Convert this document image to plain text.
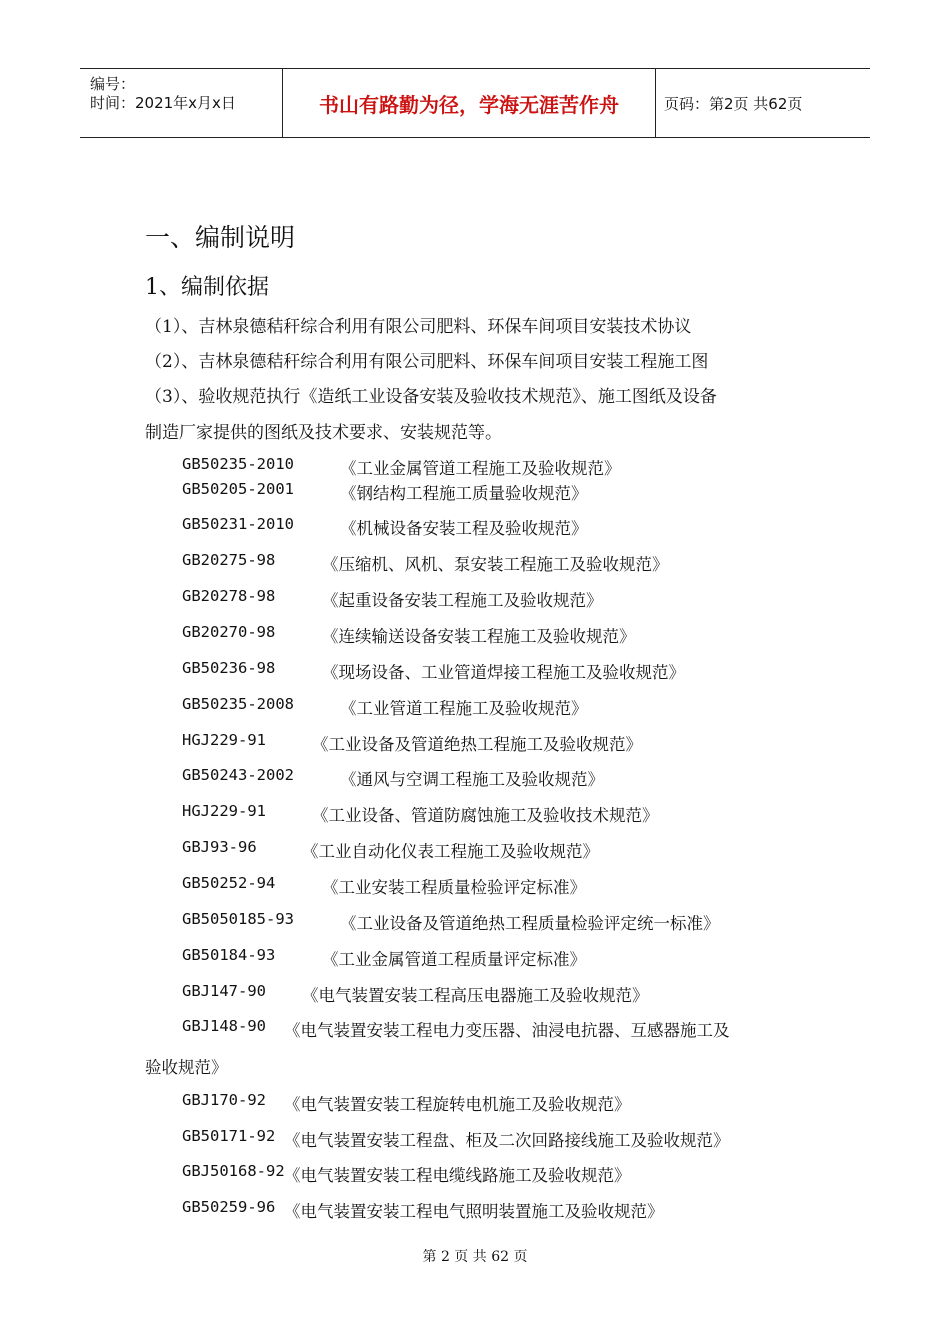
编号：
时间：2021年x月x日	书山有路勤为径，学海无涯苦作舟	页码：第2页 共62页
一、编制说明
1、编制依据
（1）、吉林泉德秸秆综合利用有限公司肥料、环保车间项目安装技术协议
（2）、吉林泉德秸秆综合利用有限公司肥料、环保车间项目安装工程施工图
（3）、验收规范执行《造纸工业设备安装及验收技术规范》、施工图纸及设备
制造厂家提供的图纸及技术要求、安装规范等。
GB50235-2010	《工业金属管道工程施工及验收规范》
GB50205-2001	《钢结构工程施工质量验收规范》
GB50231-2010	《机械设备安装工程及验收规范》
GB20275-98	《压缩机、风机、泵安装工程施工及验收规范》
GB20278-98	《起重设备安装工程施工及验收规范》
GB20270-98	《连续输送设备安装工程施工及验收规范》
GB50236-98	《现场设备、工业管道焊接工程施工及验收规范》
GB50235-2008	《工业管道工程施工及验收规范》
HGJ229-91	《工业设备及管道绝热工程施工及验收规范》
GB50243-2002	《通风与空调工程施工及验收规范》
HGJ229-91	《工业设备、管道防腐蚀施工及验收技术规范》
GBJ93-96	《工业自动化仪表工程施工及验收规范》
GB50252-94	《工业安装工程质量检验评定标准》
GB5050185-93	《工业设备及管道绝热工程质量检验评定统一标准》
GB50184-93	《工业金属管道工程质量评定标准》
GBJ147-90 《电气装置安装工程高压电器施工及验收规范》
GBJ148-90 《电气装置安装工程电力变压器、油浸电抗器、互感器施工及
验收规范》
GBJ170-92 《电气装置安装工程旋转电机施工及验收规范》
GB50171-92 《电气装置安装工程盘、柜及二次回路接线施工及验收规范》
GBJ50168-92 《电气装置安装工程电缆线路施工及验收规范》
GB50259-96 《电气装置安装工程电气照明装置施工及验收规范》
第 2 页 共 62 页
